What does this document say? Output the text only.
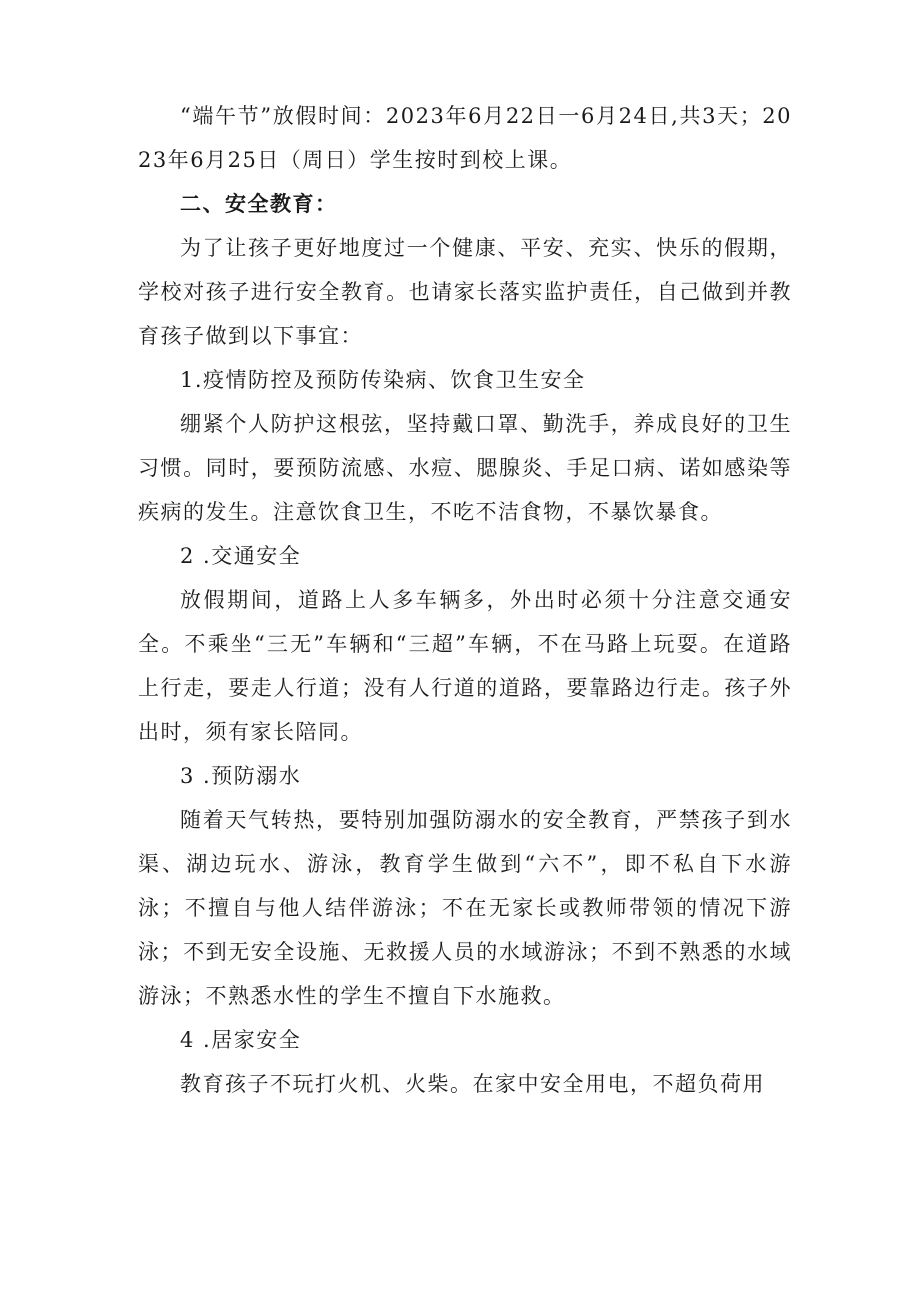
“端午节”放假时间：2023年6月22日一6月24日,共3天；2023年6月25日（周日）学生按时到校上课。

二、安全教育：

为了让孩子更好地度过一个健康、平安、充实、快乐的假期，学校对孩子进行安全教育。也请家长落实监护责任，自己做到并教育孩子做到以下事宜：

1.疫情防控及预防传染病、饮食卫生安全

绷紧个人防护这根弦，坚持戴口罩、勤洗手，养成良好的卫生习惯。同时，要预防流感、水痘、腮腺炎、手足口病、诺如感染等疾病的发生。注意饮食卫生，不吃不洁食物，不暴饮暴食。

2 .交通安全

放假期间，道路上人多车辆多，外出时必须十分注意交通安全。不乘坐“三无”车辆和“三超”车辆，不在马路上玩耍。在道路上行走，要走人行道；没有人行道的道路，要靠路边行走。孩子外出时，须有家长陪同。

3 .预防溺水

随着天气转热，要特别加强防溺水的安全教育，严禁孩子到水渠、湖边玩水、游泳，教育学生做到“六不”，即不私自下水游泳；不擅自与他人结伴游泳；不在无家长或教师带领的情况下游泳；不到无安全设施、无救援人员的水域游泳；不到不熟悉的水域游泳；不熟悉水性的学生不擅自下水施救。

4 .居家安全

教育孩子不玩打火机、火柴。在家中安全用电，不超负荷用
